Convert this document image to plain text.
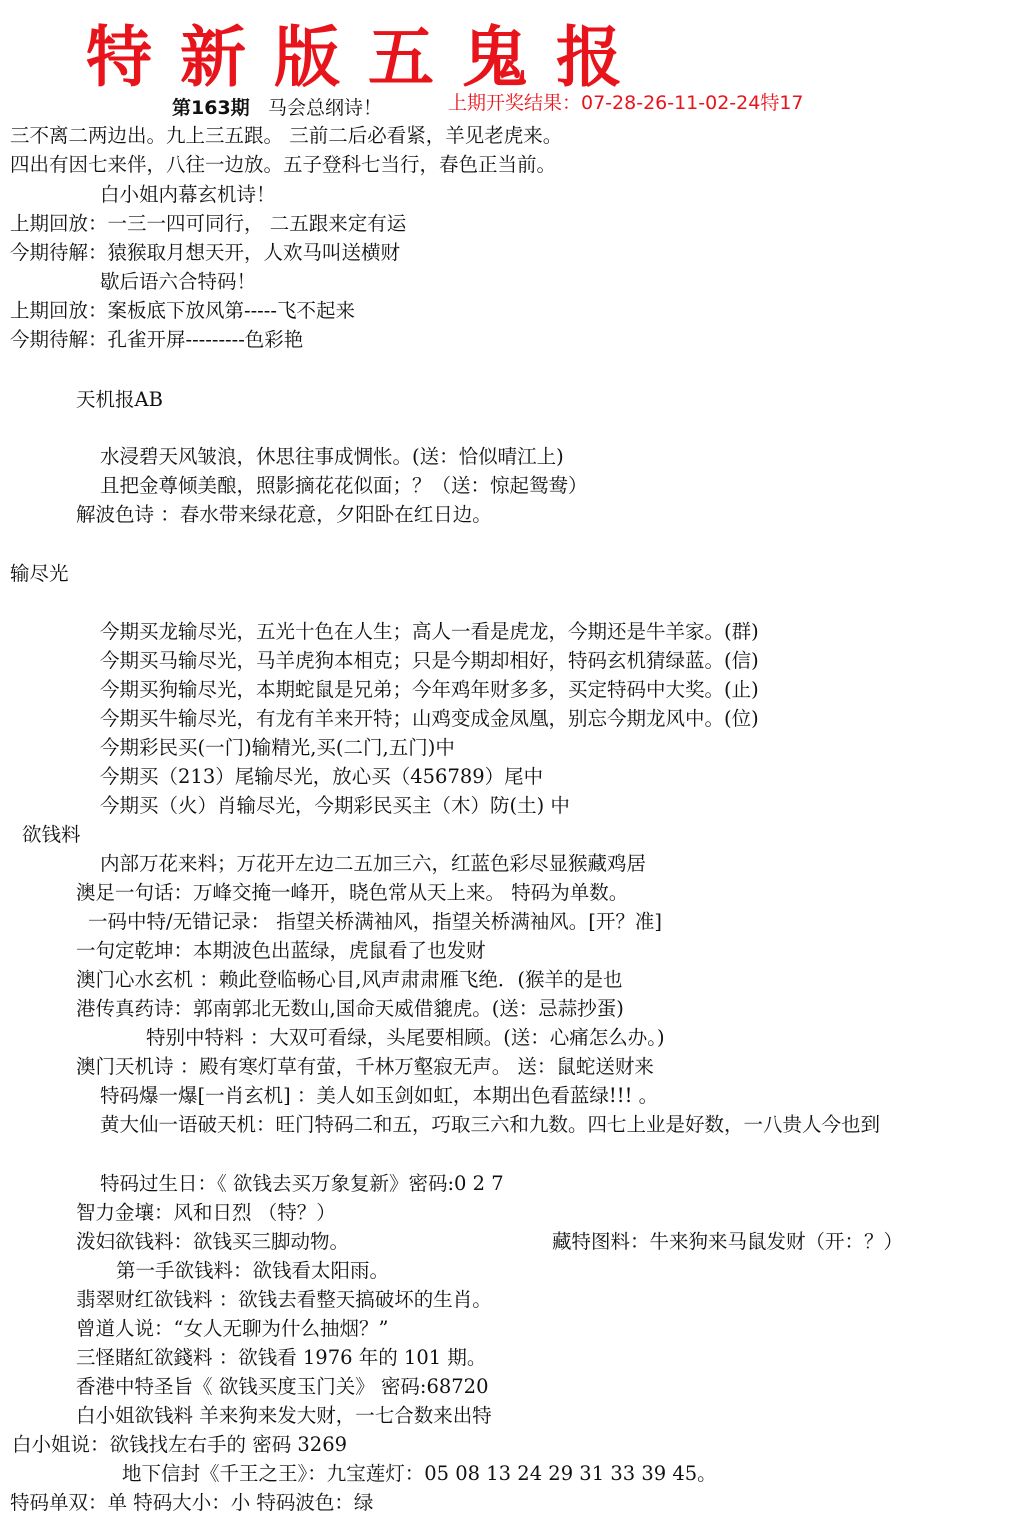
特新版五鬼报
第163期 马会总纲诗！	上期开奖结果：07-28-26-11-02-24特17
三不离二两边出。九上三五跟。 三前二后必看紧，羊见老虎来。
四出有因七来伴，八往一边放。五子登科七当行，春色正当前。
白小姐内幕玄机诗！
上期回放：一三一四可同行， 二五跟来定有运
今期待解：猿猴取月想天开，人欢马叫送横财
歇后语六合特码！
上期回放：案板底下放风第-----飞不起来
今期待解：孔雀开屏---------色彩艳
天机报AB
水浸碧天风皱浪，休思往事成惆怅。(送：恰似晴江上)
且把金尊倾美酿，照影摘花花似面；？（送：惊起鸳鸯）
解波色诗 ：春水带来绿花意，夕阳卧在红日边。
输尽光
今期买龙输尽光，五光十色在人生；高人一看是虎龙，今期还是牛羊家。(群)
今期买马输尽光，马羊虎狗本相克；只是今期却相好，特码玄机猜绿蓝。(信)
今期买狗输尽光，本期蛇鼠是兄弟；今年鸡年财多多，买定特码中大奖。(止)
今期买牛输尽光，有龙有羊来开特；山鸡变成金凤凰，别忘今期龙风中。(位)
今期彩民买(一门)输精光,买(二门,五门)中
今期买（213）尾输尽光，放心买（456789）尾中
今期买（火）肖输尽光，今期彩民买主（木）防(土) 中
欲钱料
内部万花来料；万花开左边二五加三六，红蓝色彩尽显猴藏鸡居
澳足一句话：万峰交掩一峰开，晓色常从天上来。 特码为单数。
一码中特/无错记录： 指望关桥满袖风，指望关桥满袖风。[开？准]
一句定乾坤：本期波色出蓝绿，虎鼠看了也发财
澳门心水玄机 ：赖此登临畅心目,风声肃肃雁飞绝．(猴羊的是也
港传真药诗：郭南郭北无数山,国命天威借貔虎。(送：忌蒜抄蛋)
特别中特料 ：大双可看绿，头尾要相顾。(送：心痛怎么办。)
澳门天机诗 ：殿有寒灯草有萤，千林万壑寂无声。 送：鼠蛇送财来
特码爆一爆[一肖玄机] ：美人如玉剑如虹，本期出色看蓝绿!!! 。
黄大仙一语破天机：旺门特码二和五，巧取三六和九数。四七上业是好数，一八贵人今也到
特码过生日：《 欲钱去买万象复新》密码:0 2 7
智力金壤：风和日烈 （特？）
泼妇欲钱料：欲钱买三脚动物。	藏特图料：牛来狗来马鼠发财（开：？）
第一手欲钱料：欲钱看太阳雨。
翡翠财红欲钱料 ：欲钱去看整天搞破坏的生肖。
曾道人说：“女人无聊为什么抽烟？”
三怪賭紅欲錢料 ：欲钱看 1976 年的 101 期。
香港中特圣旨《 欲钱买度玉门关》 密码:68720
白小姐欲钱料 羊来狗来发大财，一七合数来出特
白小姐说：欲钱找左右手的 密码 3269
地下信封《千王之王》：九宝莲灯：05 08 13 24 29 31 33 39 45。
特码单双：单 特码大小：小 特码波色：绿
